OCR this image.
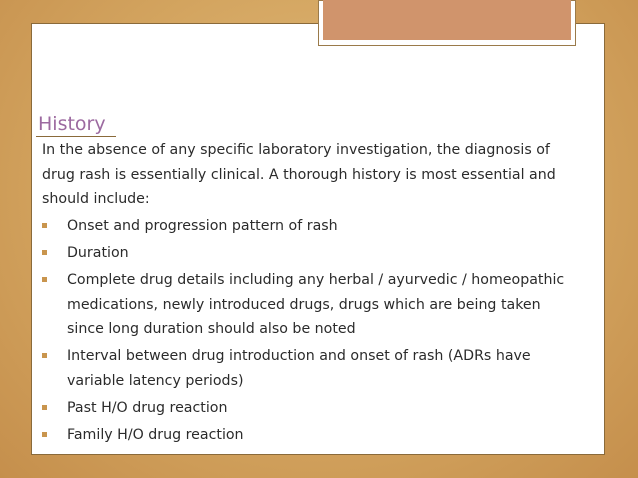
History

In the absence of any specific laboratory investigation, the diagnosis of drug rash is essentially clinical. A thorough history is most essential and should include:

Onset and progression pattern of rash
Duration
Complete drug details including any herbal / ayurvedic / homeopathic medications, newly introduced drugs, drugs which are being taken since long duration should also be noted
Interval between drug introduction and onset of rash (ADRs have variable latency periods)
Past H/O drug reaction
Family H/O drug reaction
